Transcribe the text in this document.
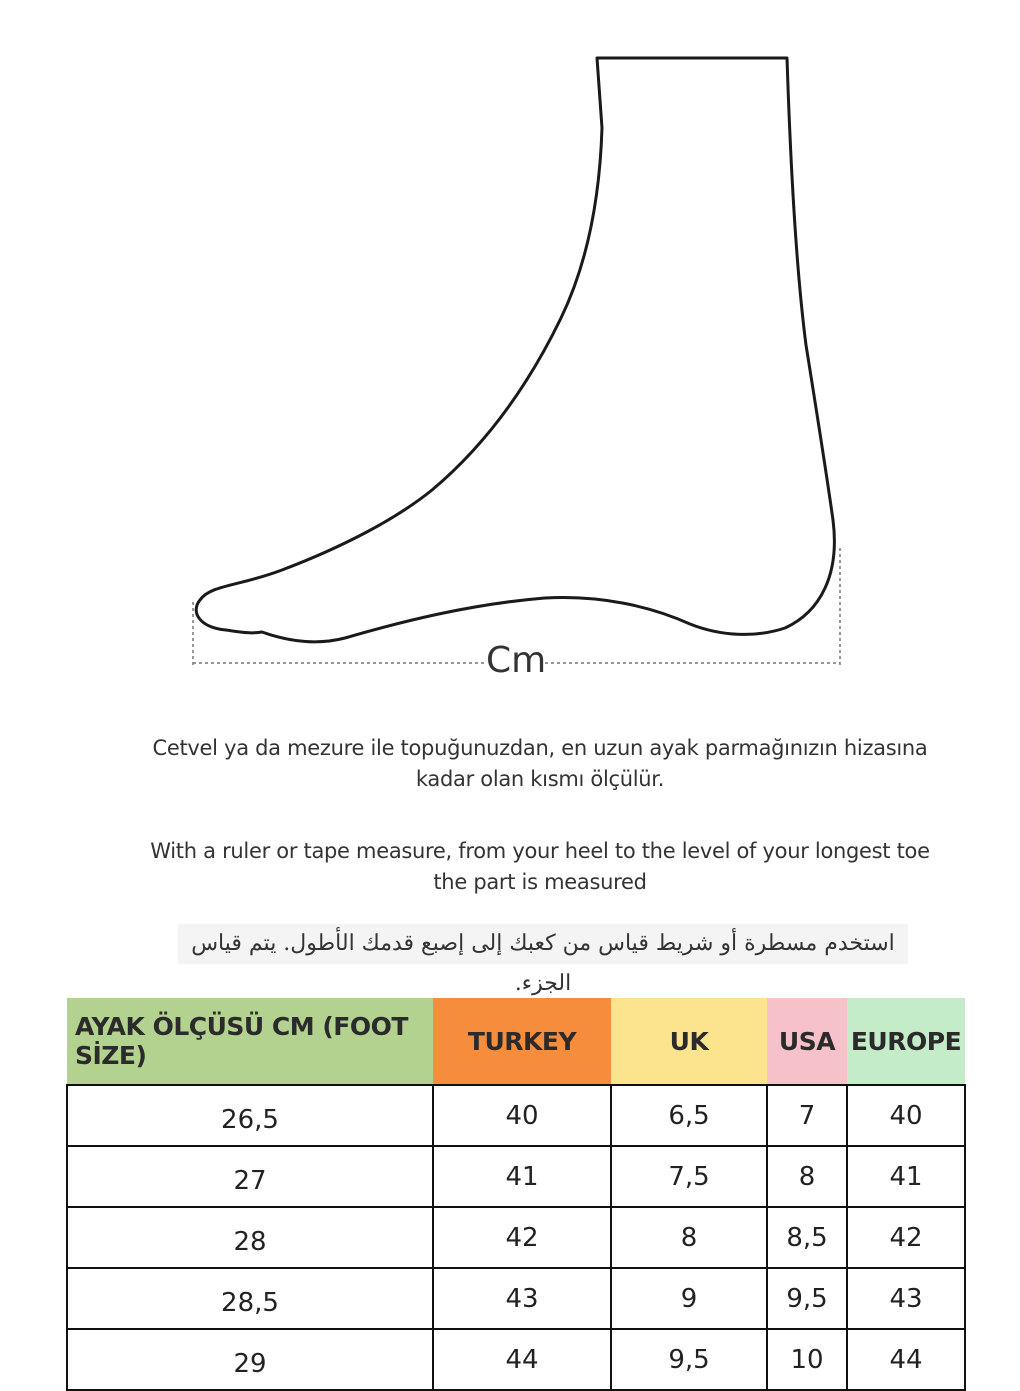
Cm
Cetvel ya da mezure ile topuğunuzdan, en uzun ayak parmağınızın hizasına kadar olan kısmı ölçülür.
With a ruler or tape measure, from your heel to the level of your longest toe the part is measured
استخدم مسطرة أو شريط قياس من كعبك إلى إصبع قدمك الأطول. يتم قياس الجزء.
AYAK ÖLÇÜSÜ CM (FOOT SİZE)	TURKEY	UK	USA	EUROPE

26,5	40	6,5	7	40
27	41	7,5	8	41
28	42	8	8,5	42
28,5	43	9	9,5	43
29	44	9,5	10	44
